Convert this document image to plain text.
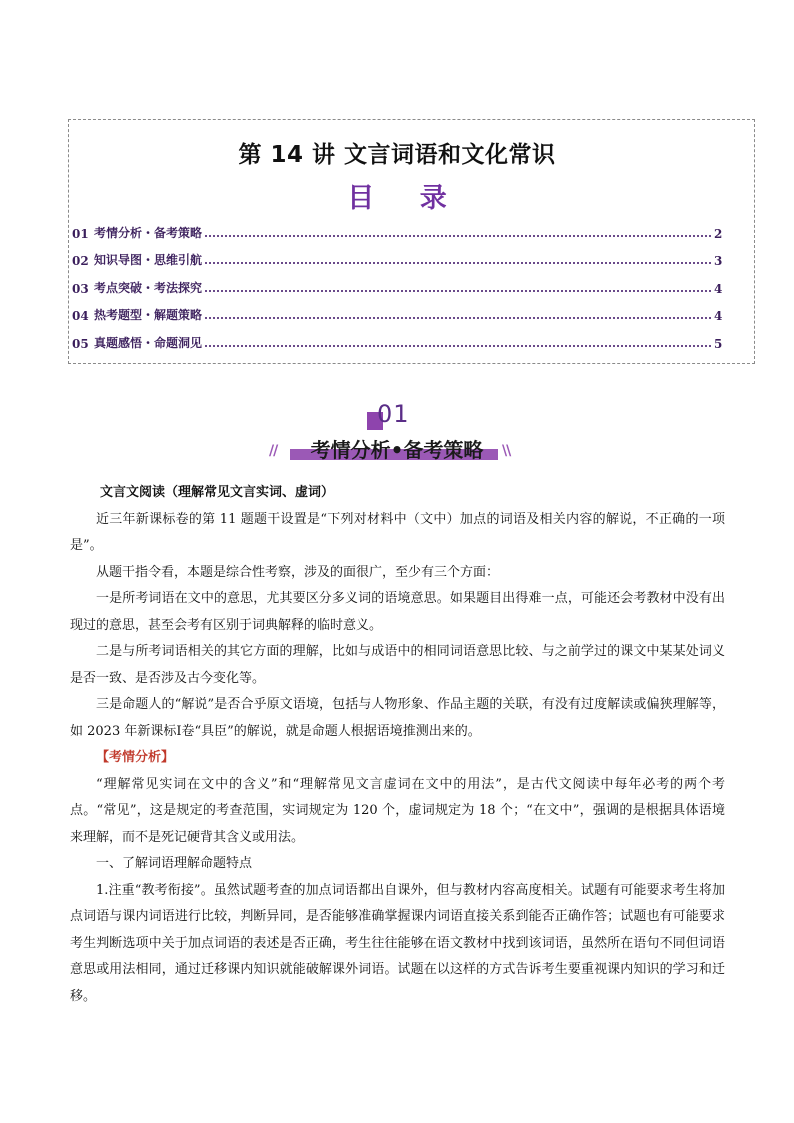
第 14 讲 文言词语和文化常识
目 录
01 考情分析・备考策略	2
02 知识导图・思维引航	3
03 考点突破・考法探究	4
04 热考题型・解题策略	4
05 真题感悟・命题洞见	5
01
//	考情分析•备考策略	\\

文言文阅读（理解常见文言实词、虚词）

近三年新课标卷的第 11 题题干设置是“下列对材料中（文中）加点的词语及相关内容的解说，不正确的一项是”。

从题干指令看，本题是综合性考察，涉及的面很广，至少有三个方面：

一是所考词语在文中的意思，尤其要区分多义词的语境意思。如果题目出得难一点，可能还会考教材中没有出现过的意思，甚至会考有区别于词典解释的临时意义。

二是与所考词语相关的其它方面的理解，比如与成语中的相同词语意思比较、与之前学过的课文中某某处词义是否一致、是否涉及古今变化等。

三是命题人的“解说”是否合乎原文语境，包括与人物形象、作品主题的关联，有没有过度解读或偏狭理解等，如 2023 年新课标Ⅰ卷“具臣”的解说，就是命题人根据语境推测出来的。

【考情分析】

“理解常见实词在文中的含义”和“理解常见文言虚词在文中的用法”，是古代文阅读中每年必考的两个考点。“常见”，这是规定的考查范围，实词规定为 120 个，虚词规定为 18 个；“在文中”，强调的是根据具体语境来理解，而不是死记硬背其含义或用法。

一、了解词语理解命题特点

1.注重“教考衔接”。虽然试题考查的加点词语都出自课外，但与教材内容高度相关。试题有可能要求考生将加点词语与课内词语进行比较，判断异同，是否能够准确掌握课内词语直接关系到能否正确作答；试题也有可能要求考生判断选项中关于加点词语的表述是否正确，考生往往能够在语文教材中找到该词语，虽然所在语句不同但词语意思或用法相同，通过迁移课内知识就能破解课外词语。试题在以这样的方式告诉考生要重视课内知识的学习和迁移。
